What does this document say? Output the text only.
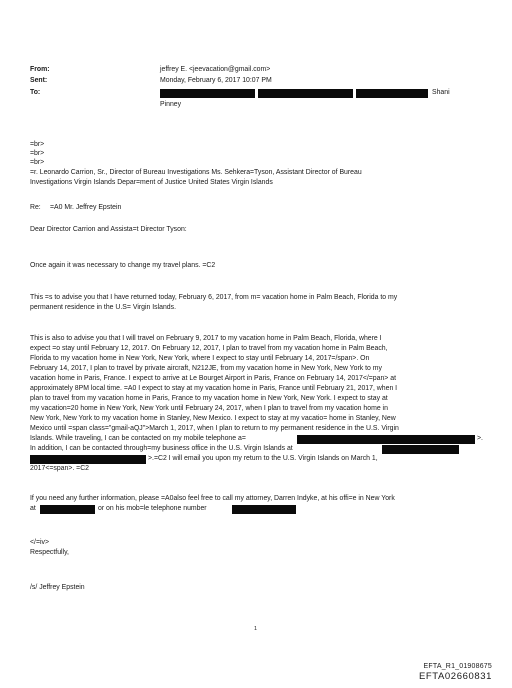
From:	jeffrey E. <jeevacation@gmail.com>
Sent:	Monday, February 6, 2017 10:07 PM
To:	Shani
Pinney
=br>
=br>
=br>
=r. Leonardo Carrion, Sr., Director of Bureau Investigations Ms. Sehkera=Tyson, Assistant Director of Bureau
Investigations Virgin Islands Depar=ment of Justice United States Virgin Islands
Re: =A0 Mr. Jeffrey Epstein
Dear Director Carrion and Assista=t Director Tyson:
Once again it was necessary to change my travel plans. =C2
This =s to advise you that I have returned today, February 6, 2017, from m= vacation home in Palm Beach, Florida to my
permanent residence in the U.S= Virgin Islands.
This is also to advise you that I will travel on February 9, 2017 to my vacation home in Palm Beach, Florida, where I
expect =o stay until February 12, 2017. On February 12, 2017, I plan to travel from my vacation home in Palm Beach,
Florida to my vacation home in New York, New York, where I expect to stay until February 14, 2017=/span>. On
February 14, 2017, I plan to travel by private aircraft, N212JE, from my vacation home in New York, New York to my
vacation home in Paris, France. I expect to arrive at Le Bourget Airport in Paris, France on February 14, 2017</=pan> at
approximately 8PM local time. =A0 I expect to stay at my vacation home in Paris, France until February 21, 2017, when I
plan to travel from my vacation home in Paris, France to my vacation home in New York, New York. I expect to stay at
my vacation=20 home in New York, New York until February 24, 2017, when I plan to travel from my vacation home in
New York, New York to my vacation home in Stanley, New Mexico. I expect to stay at my vacatio= home in Stanley, New
Mexico until =span class="gmail-aQJ">March 1, 2017, when I plan to return to my permanent residence in the U.S. Virgin
Islands. While traveling, I can be contacted on my mobile telephone a=	>.
In addition, I can be contacted through=my business office in the U.S. Virgin Islands at
>.=C2 I will email you upon my return to the U.S. Virgin Islands on March 1,
2017<=span>. =C2
If you need any further information, please =A0also feel free to call my attorney, Darren Indyke, at his offi=e in New York
at	or on his mob=le telephone number
</=iv>
Respectfully,
/s/ Jeffrey Epstein
1
EFTA_R1_01908675
EFTA02660831
